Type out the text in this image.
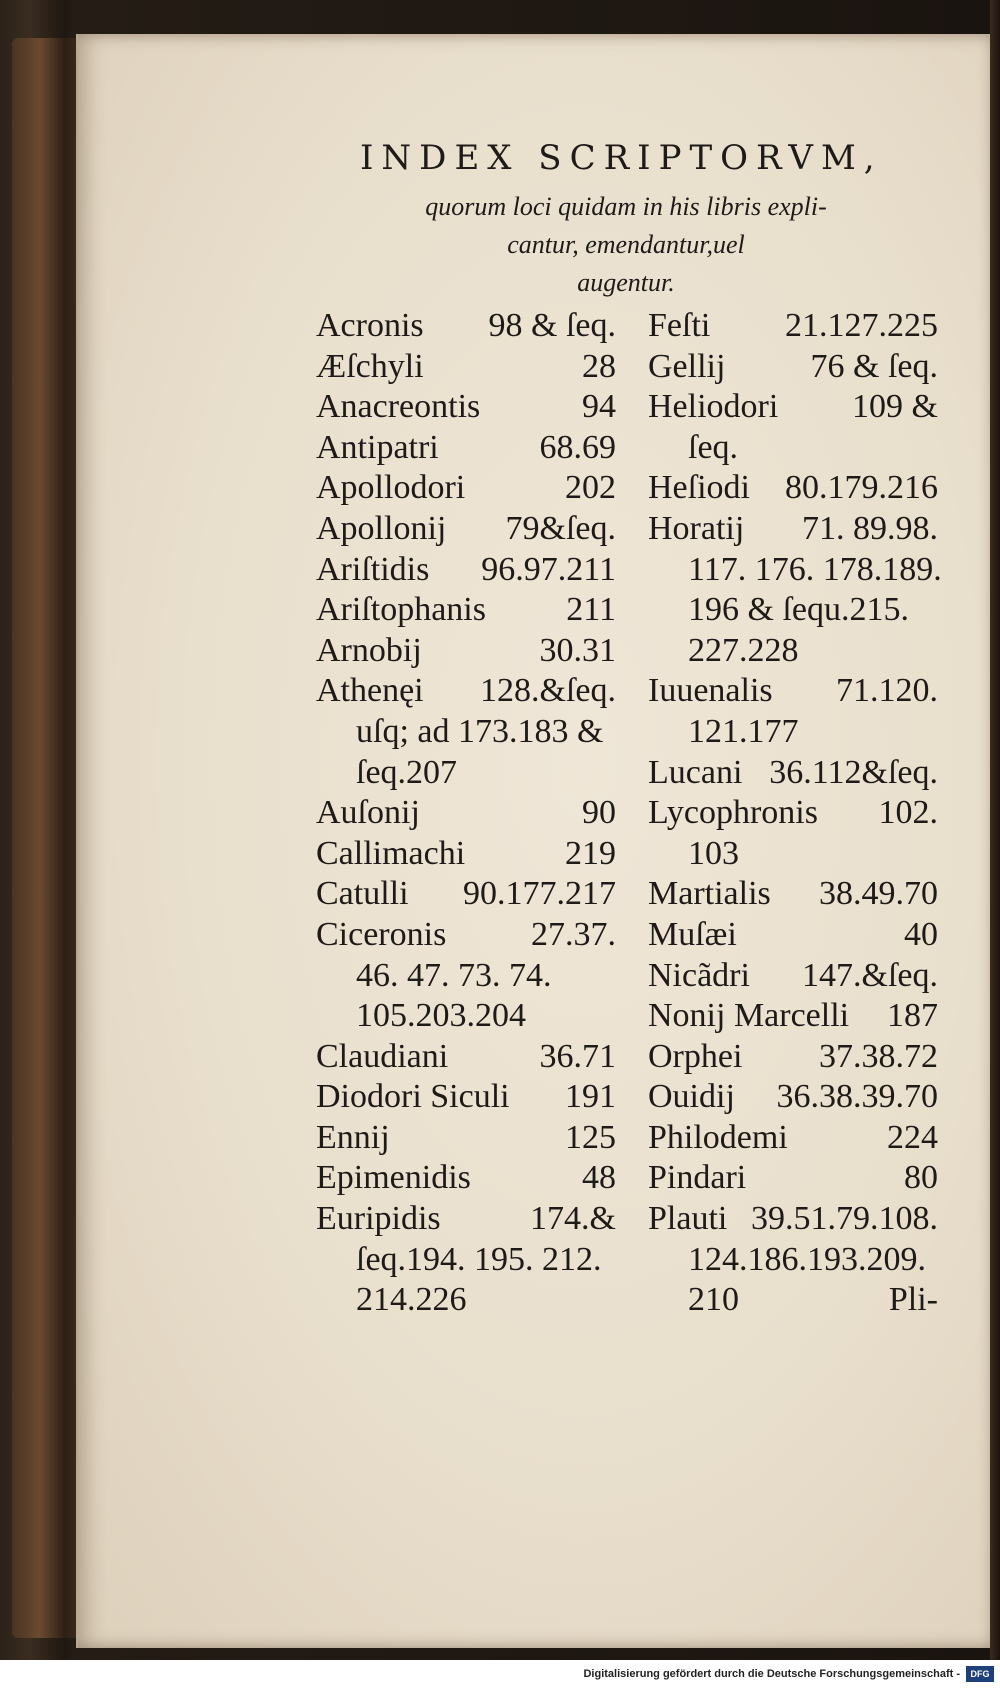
INDEX SCRIPTORVM,
quorum loci quidam in his libris expli-
cantur, emendantur,uel
augentur.
Acronis 98 & ſeq.
Æſchyli	28
Anacreontis	94
Antipatri	68.69
Apollodori	202
Apollonij 79&ſeq.
Ariſtidis 96.97.211
Ariſtophanis 211
Arnobij	30.31
Athenęi 128.&ſeq.
uſq; ad 173.183 &
ſeq.207
Auſonij	90
Callimachi	219
Catulli 90.177.217
Ciceronis 27.37.
46. 47. 73. 74.
105.203.204
Claudiani	36.71
Diodori Siculi 191
Ennij	125
Epimenidis	48
Euripidis	174.&
ſeq.194. 195. 212.
214.226
Feſti 21.127.225
Gellij	76 & ſeq.
Heliodori 109 &
ſeq.
Heſiodi 80.179.216
Horatij 71. 89.98.
117. 176. 178.189.
196 & ſequ.215.
227.228
Iuuenalis 71.120.
121.177
Lucani 36.112&ſeq.
Lycophronis 102.
103
Martialis 38.49.70
Muſæi	40
Nicãdri 147.&ſeq.
Nonij Marcelli 187
Orphei 37.38.72
Ouidij 36.38.39.70
Philodemi	224
Pindari	80
Plauti 39.51.79.108.
124.186.193.209.
210	Pli-
Digitalisierung gefördert durch die Deutsche Forschungsgemeinschaft -	DFG
